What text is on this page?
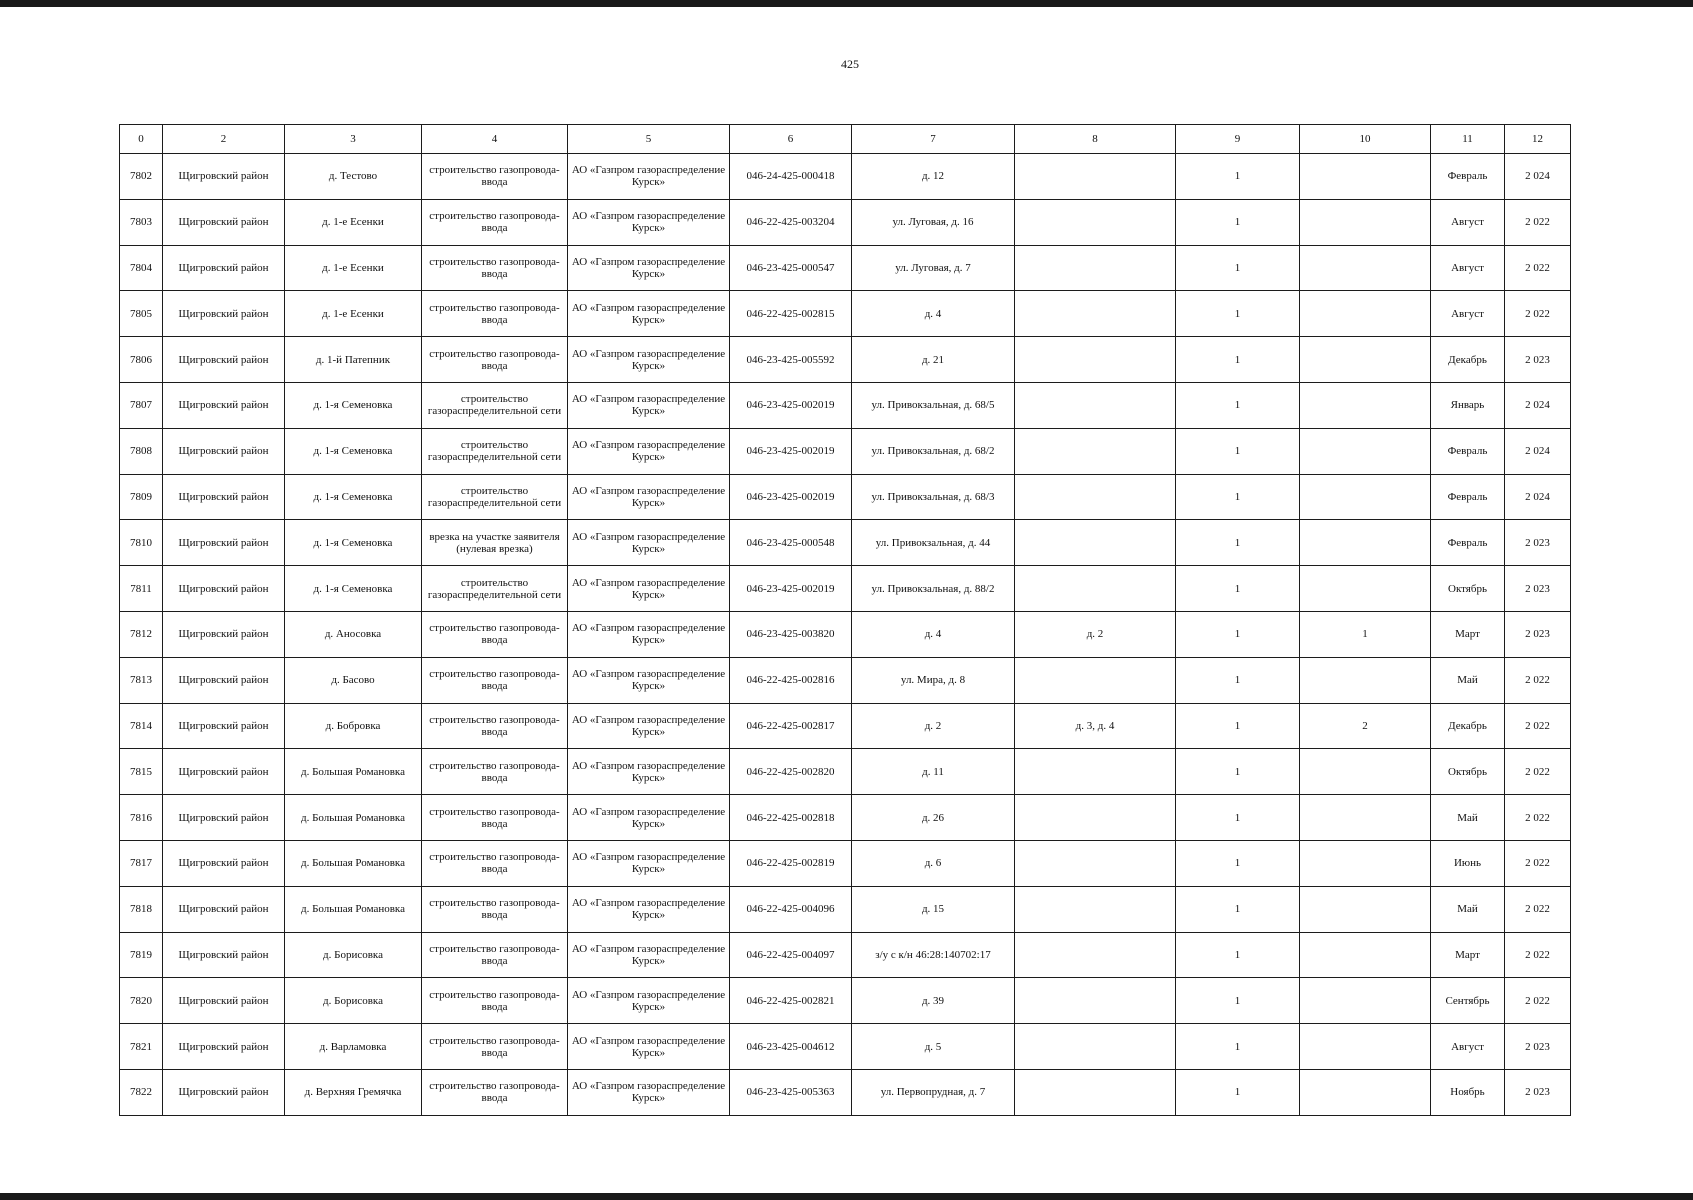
425
0	2	3	4	5	6	7	8	9	10	11	12
7802	Щигровский район	д. Тестово	строительство газопровода-ввода	АО «Газпром газораспределение Курск»	046-24-425-000418	д. 12		1		Февраль	2 024
7803	Щигровский район	д. 1-е Есенки	строительство газопровода-ввода	АО «Газпром газораспределение Курск»	046-22-425-003204	ул. Луговая, д. 16		1		Август	2 022
7804	Щигровский район	д. 1-е Есенки	строительство газопровода-ввода	АО «Газпром газораспределение Курск»	046-23-425-000547	ул. Луговая, д. 7		1		Август	2 022
7805	Щигровский район	д. 1-е Есенки	строительство газопровода-ввода	АО «Газпром газораспределение Курск»	046-22-425-002815	д. 4		1		Август	2 022
7806	Щигровский район	д. 1-й Патепник	строительство газопровода-ввода	АО «Газпром газораспределение Курск»	046-23-425-005592	д. 21		1		Декабрь	2 023
7807	Щигровский район	д. 1-я Семеновка	строительство газораспределительной сети	АО «Газпром газораспределение Курск»	046-23-425-002019	ул. Привокзальная, д. 68/5		1		Январь	2 024
7808	Щигровский район	д. 1-я Семеновка	строительство газораспределительной сети	АО «Газпром газораспределение Курск»	046-23-425-002019	ул. Привокзальная, д. 68/2		1		Февраль	2 024
7809	Щигровский район	д. 1-я Семеновка	строительство газораспределительной сети	АО «Газпром газораспределение Курск»	046-23-425-002019	ул. Привокзальная, д. 68/3		1		Февраль	2 024
7810	Щигровский район	д. 1-я Семеновка	врезка на участке заявителя (нулевая врезка)	АО «Газпром газораспределение Курск»	046-23-425-000548	ул. Привокзальная, д. 44		1		Февраль	2 023
7811	Щигровский район	д. 1-я Семеновка	строительство газораспределительной сети	АО «Газпром газораспределение Курск»	046-23-425-002019	ул. Привокзальная, д. 88/2		1		Октябрь	2 023
7812	Щигровский район	д. Аносовка	строительство газопровода-ввода	АО «Газпром газораспределение Курск»	046-23-425-003820	д. 4	д. 2	1	1	Март	2 023
7813	Щигровский район	д. Басово	строительство газопровода-ввода	АО «Газпром газораспределение Курск»	046-22-425-002816	ул. Мира, д. 8		1		Май	2 022
7814	Щигровский район	д. Бобровка	строительство газопровода-ввода	АО «Газпром газораспределение Курск»	046-22-425-002817	д. 2	д. 3, д. 4	1	2	Декабрь	2 022
7815	Щигровский район	д. Большая Романовка	строительство газопровода-ввода	АО «Газпром газораспределение Курск»	046-22-425-002820	д. 11		1		Октябрь	2 022
7816	Щигровский район	д. Большая Романовка	строительство газопровода-ввода	АО «Газпром газораспределение Курск»	046-22-425-002818	д. 26		1		Май	2 022
7817	Щигровский район	д. Большая Романовка	строительство газопровода-ввода	АО «Газпром газораспределение Курск»	046-22-425-002819	д. 6		1		Июнь	2 022
7818	Щигровский район	д. Большая Романовка	строительство газопровода-ввода	АО «Газпром газораспределение Курск»	046-22-425-004096	д. 15		1		Май	2 022
7819	Щигровский район	д. Борисовка	строительство газопровода-ввода	АО «Газпром газораспределение Курск»	046-22-425-004097	з/у с к/н 46:28:140702:17		1		Март	2 022
7820	Щигровский район	д. Борисовка	строительство газопровода-ввода	АО «Газпром газораспределение Курск»	046-22-425-002821	д. 39		1		Сентябрь	2 022
7821	Щигровский район	д. Варламовка	строительство газопровода-ввода	АО «Газпром газораспределение Курск»	046-23-425-004612	д. 5		1		Август	2 023
7822	Щигровский район	д. Верхняя Гремячка	строительство газопровода-ввода	АО «Газпром газораспределение Курск»	046-23-425-005363	ул. Первопрудная, д. 7		1		Ноябрь	2 023
